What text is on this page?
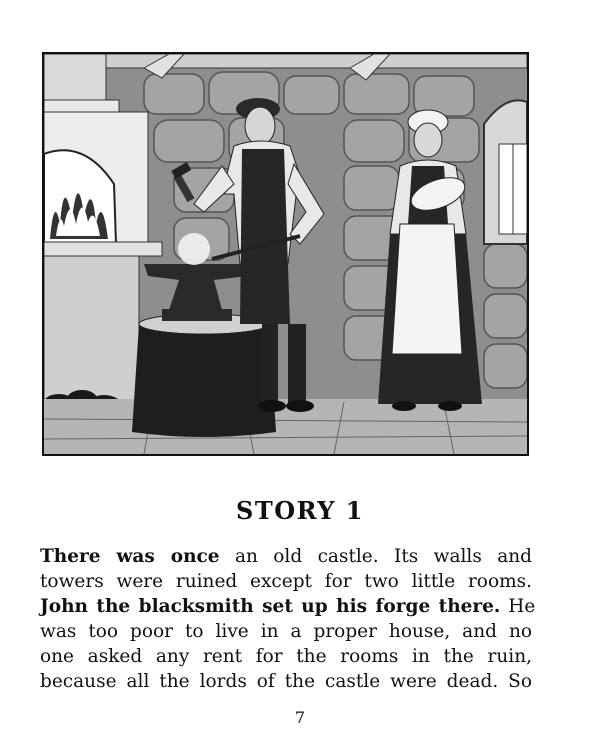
STORY 1
There was once an old castle. Its walls and
towers were ruined except for two little rooms.
John the blacksmith set up his forge there. He
was too poor to live in a proper house, and no
one asked any rent for the rooms in the ruin,
because all the lords of the castle were dead. So
7
